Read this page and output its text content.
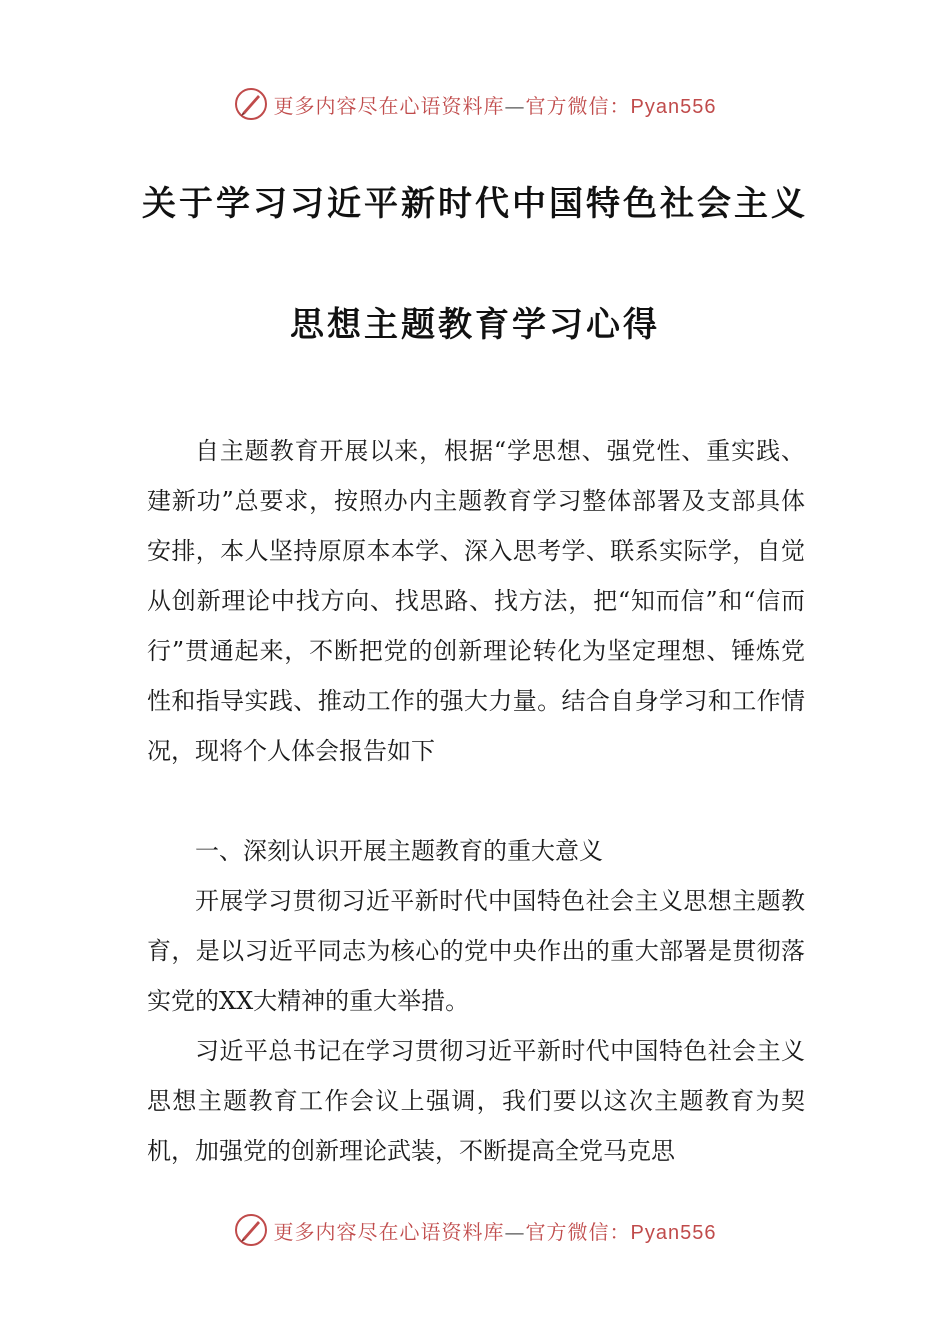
更多内容尽在心语资料库—官方微信：Pyan556
关于学习习近平新时代中国特色社会主义
思想主题教育学习心得

自主题教育开展以来，根据“学思想、强党性、重实践、建新功”总要求，按照办内主题教育学习整体部署及支部具体安排，本人坚持原原本本学、深入思考学、联系实际学，自觉从创新理论中找方向、找思路、找方法，把“知而信”和“信而行”贯通起来，不断把党的创新理论转化为坚定理想、锤炼党性和指导实践、推动工作的强大力量。结合自身学习和工作情况，现将个人体会报告如下

一、深刻认识开展主题教育的重大意义

开展学习贯彻习近平新时代中国特色社会主义思想主题教育，是以习近平同志为核心的党中央作出的重大部署是贯彻落实党的XX大精神的重大举措。

习近平总书记在学习贯彻习近平新时代中国特色社会主义思想主题教育工作会议上强调，我们要以这次主题教育为契机，加强党的创新理论武装，不断提高全党马克思

更多内容尽在心语资料库—官方微信：Pyan556
